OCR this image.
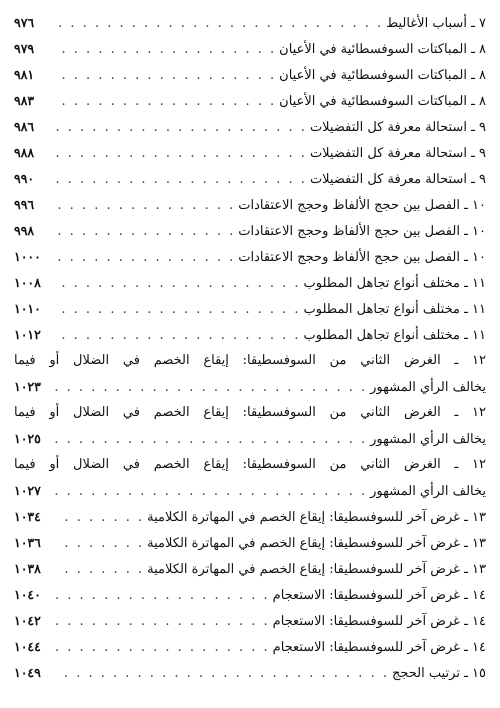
٧ ـ أسباب الأغاليط
. . .
٩٧٦
٨ ـ المباكتات السوفسطائية في الأعيان
. . .
٩٧٩
٨ ـ المباكتات السوفسطائية في الأعيان
. . .
٩٨١
٨ ـ المباكتات السوفسطائية في الأعيان
. . .
٩٨٣
٩ ـ استحالة معرفة كل التفضيلات
. . .
٩٨٦
٩ ـ استحالة معرفة كل التفضيلات
. . .
٩٨٨
٩ ـ استحالة معرفة كل التفضيلات
. . .
٩٩٠
١٠ ـ الفصل بين حجج الألفاظ وحجج الاعتقادات
. . .
٩٩٦
١٠ ـ الفصل بين حجج الألفاظ وحجج الاعتقادات
. . .
٩٩٨
١٠ ـ الفصل بين حجج الألفاظ وحجج الاعتقادات
. . .
١٠٠٠
١١ ـ مختلف أنواع تجاهل المطلوب
. . .
١٠٠٨
١١ ـ مختلف أنواع تجاهل المطلوب
. . .
١٠١٠
١١ ـ مختلف أنواع تجاهل المطلوب
. . .
١٠١٢
١٢ ـ الغرض الثاني من السوفسطيقا: إيقاع الخصم في الضلال أو فيما
يخالف الرأي المشهور
. . .
١٠٢٣
١٢ ـ الغرض الثاني من السوفسطيقا: إيقاع الخصم في الضلال أو فيما
يخالف الرأي المشهور
. . .
١٠٢٥
١٢ ـ الغرض الثاني من السوفسطيقا: إيقاع الخصم في الضلال أو فيما
يخالف الرأي المشهور
. . .
١٠٢٧
١٣ ـ غرض آخر للسوفسطيقا: إيقاع الخصم في المهاترة الكلامية
. . .
١٠٣٤
١٣ ـ غرض آخر للسوفسطيقا: إيقاع الخصم في المهاترة الكلامية
. . .
١٠٣٦
١٣ ـ غرض آخر للسوفسطيقا: إيقاع الخصم في المهاترة الكلامية
. . .
١٠٣٨
١٤ ـ غرض آخر للسوفسطيقا: الاستعجام
. . .
١٠٤٠
١٤ ـ غرض آخر للسوفسطيقا: الاستعجام
. . .
١٠٤٢
١٤ ـ غرض آخر للسوفسطيقا: الاستعجام
. . .
١٠٤٤
١٥ ـ ترتيب الحجج
. . .
١٠٤٩
